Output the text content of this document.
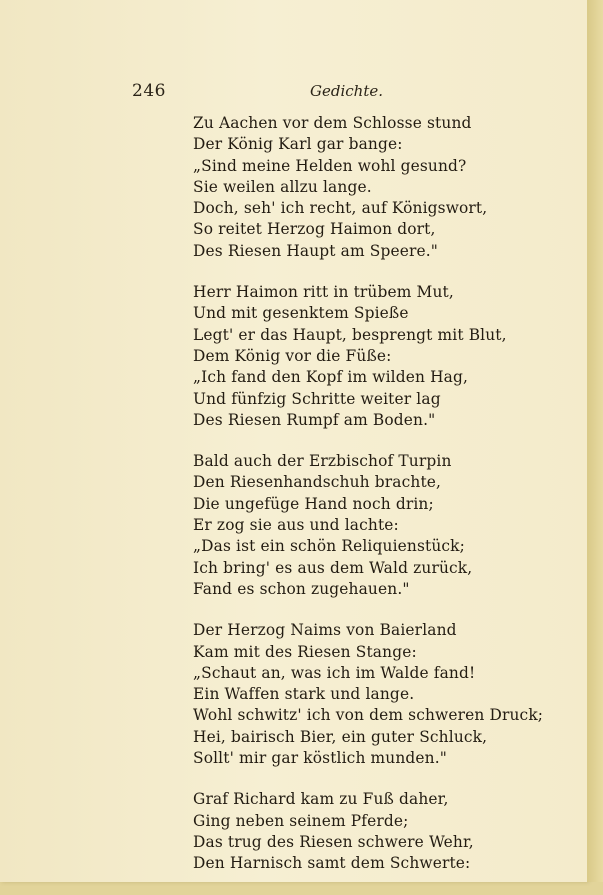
246	Gedichte.
Zu Aachen vor dem Schlosse stund
Der König Karl gar bange:
„Sind meine Helden wohl gesund?
Sie weilen allzu lange.
Doch, seh' ich recht, auf Königswort,
So reitet Herzog Haimon dort,
Des Riesen Haupt am Speere."
Herr Haimon ritt in trübem Mut,
Und mit gesenktem Spieße
Legt' er das Haupt, besprengt mit Blut,
Dem König vor die Füße:
„Ich fand den Kopf im wilden Hag,
Und fünfzig Schritte weiter lag
Des Riesen Rumpf am Boden."
Bald auch der Erzbischof Turpin
Den Riesenhandschuh brachte,
Die ungefüge Hand noch drin;
Er zog sie aus und lachte:
„Das ist ein schön Reliquienstück;
Ich bring' es aus dem Wald zurück,
Fand es schon zugehauen."
Der Herzog Naims von Baierland
Kam mit des Riesen Stange:
„Schaut an, was ich im Walde fand!
Ein Waffen stark und lange.
Wohl schwitz' ich von dem schweren Druck;
Hei, bairisch Bier, ein guter Schluck,
Sollt' mir gar köstlich munden."
Graf Richard kam zu Fuß daher,
Ging neben seinem Pferde;
Das trug des Riesen schwere Wehr,
Den Harnisch samt dem Schwerte:
